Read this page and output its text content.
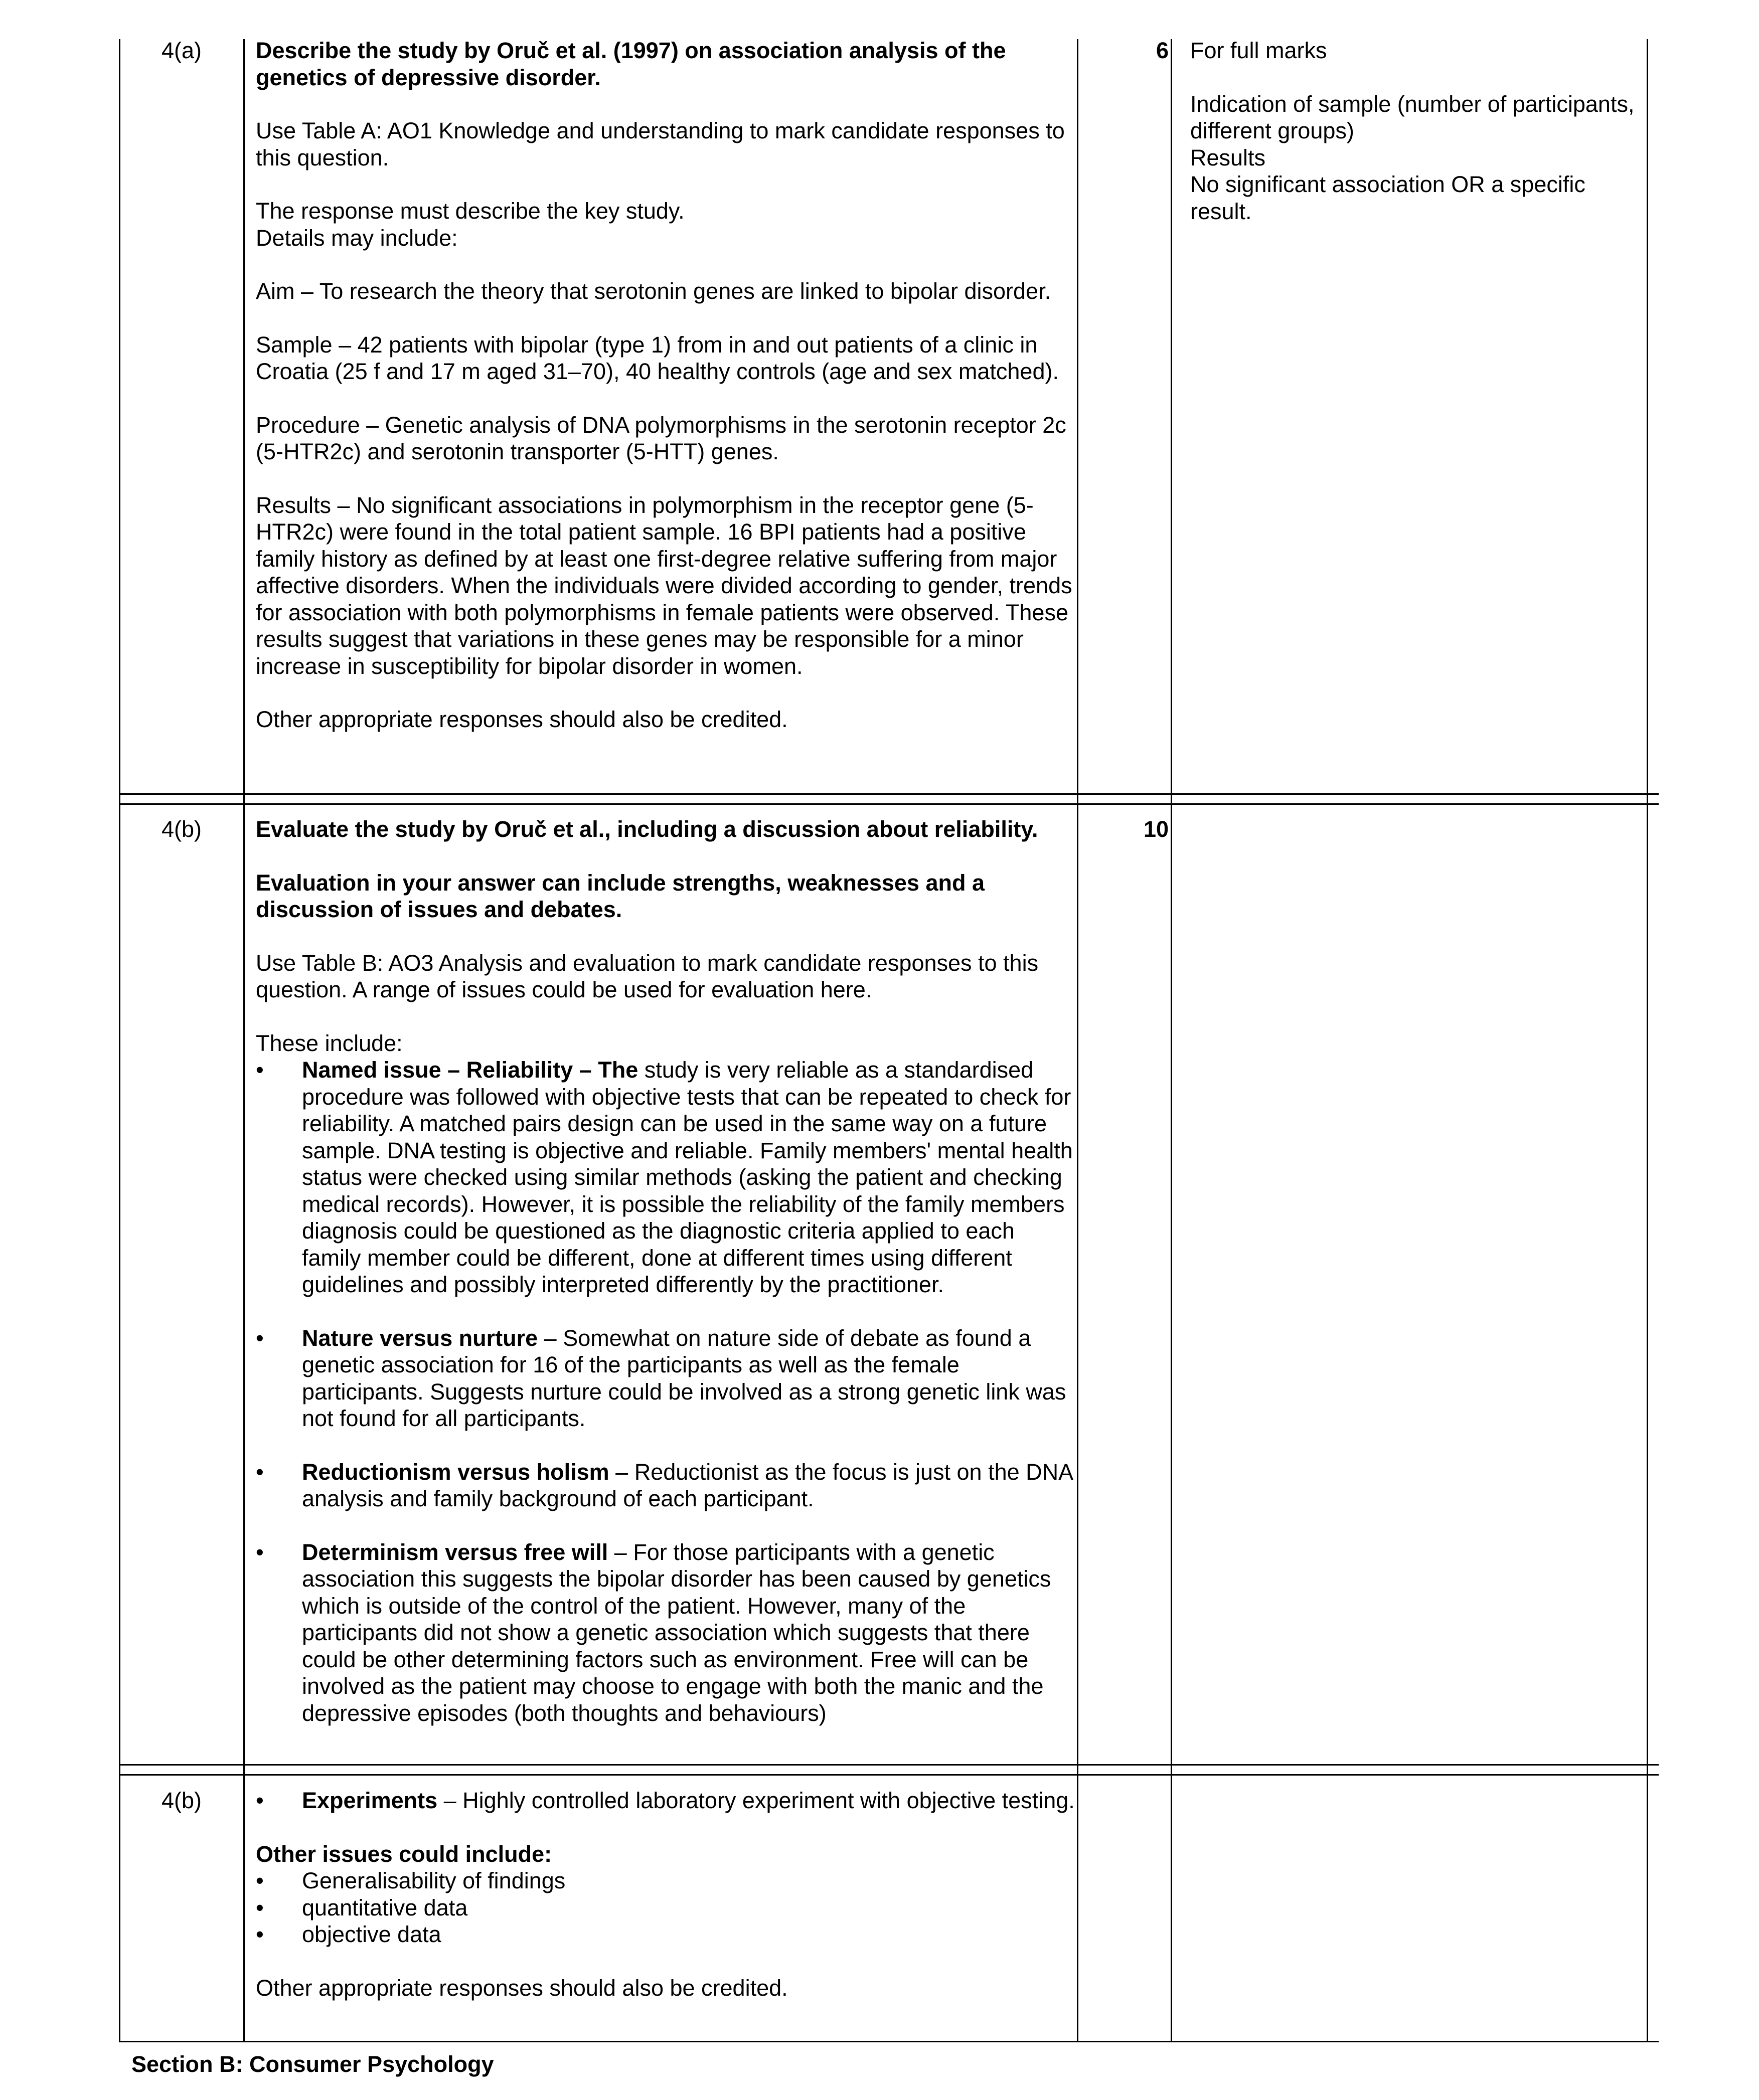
4(a)	Describe the study by Oruč et al. (1997) on association analysis of the genetics of depressive disorder.

Use Table A: AO1 Knowledge and understanding to mark candidate responses to this question.

The response must describe the key study.

Details may include:

Aim – To research the theory that serotonin genes are linked to bipolar disorder.

Sample – 42 patients with bipolar (type 1) from in and out patients of a clinic in Croatia (25 f and 17 m aged 31–70), 40 healthy controls (age and sex matched).

Procedure – Genetic analysis of DNA polymorphisms in the serotonin receptor 2c (5-HTR2c) and serotonin transporter (5-HTT) genes.

Results – No significant associations in polymorphism in the receptor gene (5-HTR2c) were found in the total patient sample. 16 BPI patients had a positive family history as defined by at least one first-degree relative suffering from major affective disorders. When the individuals were divided according to gender, trends for association with both polymorphisms in female patients were observed. These results suggest that variations in these genes may be responsible for a minor increase in susceptibility for bipolar disorder in women.

Other appropriate responses should also be credited.

6 For full marks

Indication of sample (number of participants, different groups)

Results

No significant association OR a specific result.

4(b)	Evaluate the study by Oruč et al., including a discussion about reliability.

Evaluation in your answer can include strengths, weaknesses and a discussion of issues and debates.

Use Table B: AO3 Analysis and evaluation to mark candidate responses to this question. A range of issues could be used for evaluation here.

These include:

• Named issue – Reliability – The study is very reliable as a standardised procedure was followed with objective tests that can be repeated to check for reliability. A matched pairs design can be used in the same way on a future sample. DNA testing is objective and reliable. Family members' mental health status were checked using similar methods (asking the patient and checking medical records). However, it is possible the reliability of the family members diagnosis could be questioned as the diagnostic criteria applied to each family member could be different, done at different times using different guidelines and possibly interpreted differently by the practitioner.

• Nature versus nurture – Somewhat on nature side of debate as found a genetic association for 16 of the participants as well as the female participants. Suggests nurture could be involved as a strong genetic link was not found for all participants.

• Reductionism versus holism – Reductionist as the focus is just on the DNA analysis and family background of each participant.

• Determinism versus free will – For those participants with a genetic association this suggests the bipolar disorder has been caused by genetics which is outside of the control of the patient. However, many of the participants did not show a genetic association which suggests that there could be other determining factors such as environment. Free will can be involved as the patient may choose to engage with both the manic and the depressive episodes (both thoughts and behaviours)

10
4(b)

•	Experiments – Highly controlled laboratory experiment with objective testing.

Other issues could include:

• Generalisability of findings

• quantitative data

• objective data

Other appropriate responses should also be credited.

Section B: Consumer Psychology
